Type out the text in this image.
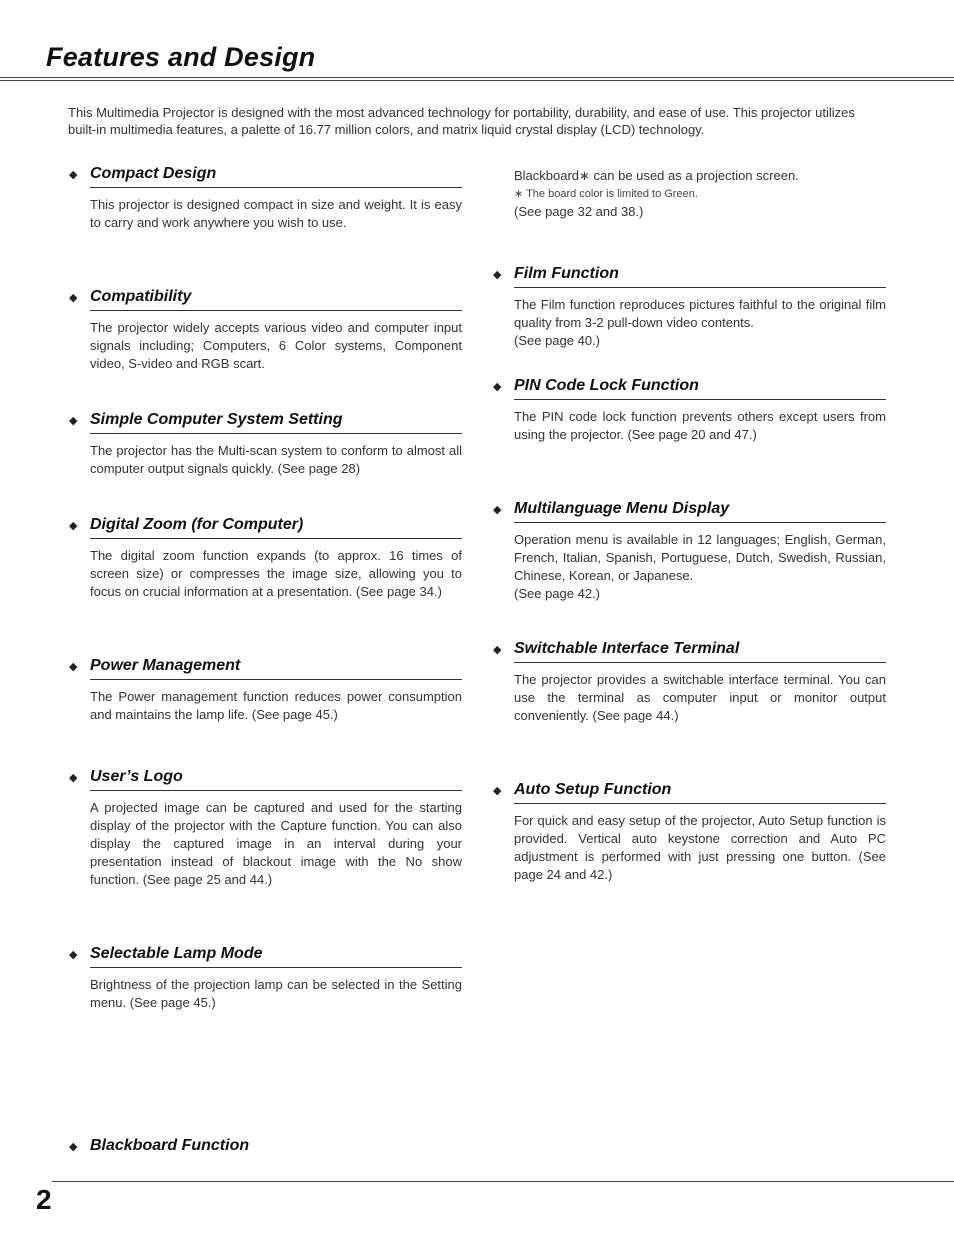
Features and Design

This Multimedia Projector is designed with the most advanced technology for portability, durability, and ease of use. This projector utilizes built-in multimedia features, a palette of 16.77 million colors, and matrix liquid crystal display (LCD) technology.

◆ Compact Design
This projector is designed compact in size and weight. It is easy to carry and work anywhere you wish to use.
◆ Compatibility
The projector widely accepts various video and computer input signals including; Computers, 6 Color systems, Component video, S-video and RGB scart.
◆ Simple Computer System Setting
The projector has the Multi-scan system to conform to almost all computer output signals quickly. (See page 28)
◆ Digital Zoom (for Computer)
The digital zoom function expands (to approx. 16 times of screen size) or compresses the image size, allowing you to focus on crucial information at a presentation. (See page 34.)
◆ Power Management
The Power management function reduces power consumption and maintains the lamp life. (See page 45.)
◆ User’s Logo
A projected image can be captured and used for the starting display of the projector with the Capture function. You can also display the captured image in an interval during your presentation instead of blackout image with the No show function. (See page 25 and 44.)
◆ Selectable Lamp Mode
Brightness of the projection lamp can be selected in the Setting menu. (See page 45.)
◆ Blackboard Function
Blackboard∗ can be used as a projection screen.
∗ The board color is limited to Green.
(See page 32 and 38.)
◆ Film Function
The Film function reproduces pictures faithful to the original film quality from 3-2 pull-down video contents.
(See page 40.)
◆ PIN Code Lock Function
The PIN code lock function prevents others except users from using the projector. (See page 20 and 47.)
◆ Multilanguage Menu Display
Operation menu is available in 12 languages; English, German, French, Italian, Spanish, Portuguese, Dutch, Swedish, Russian, Chinese, Korean, or Japanese.
(See page 42.)
◆ Switchable Interface Terminal
The projector provides a switchable interface terminal. You can use the terminal as computer input or monitor output conveniently. (See page 44.)
◆ Auto Setup Function
For quick and easy setup of the projector, Auto Setup function is provided. Vertical auto keystone correction and Auto PC adjustment is performed with just pressing one button. (See page 24 and 42.)

2
